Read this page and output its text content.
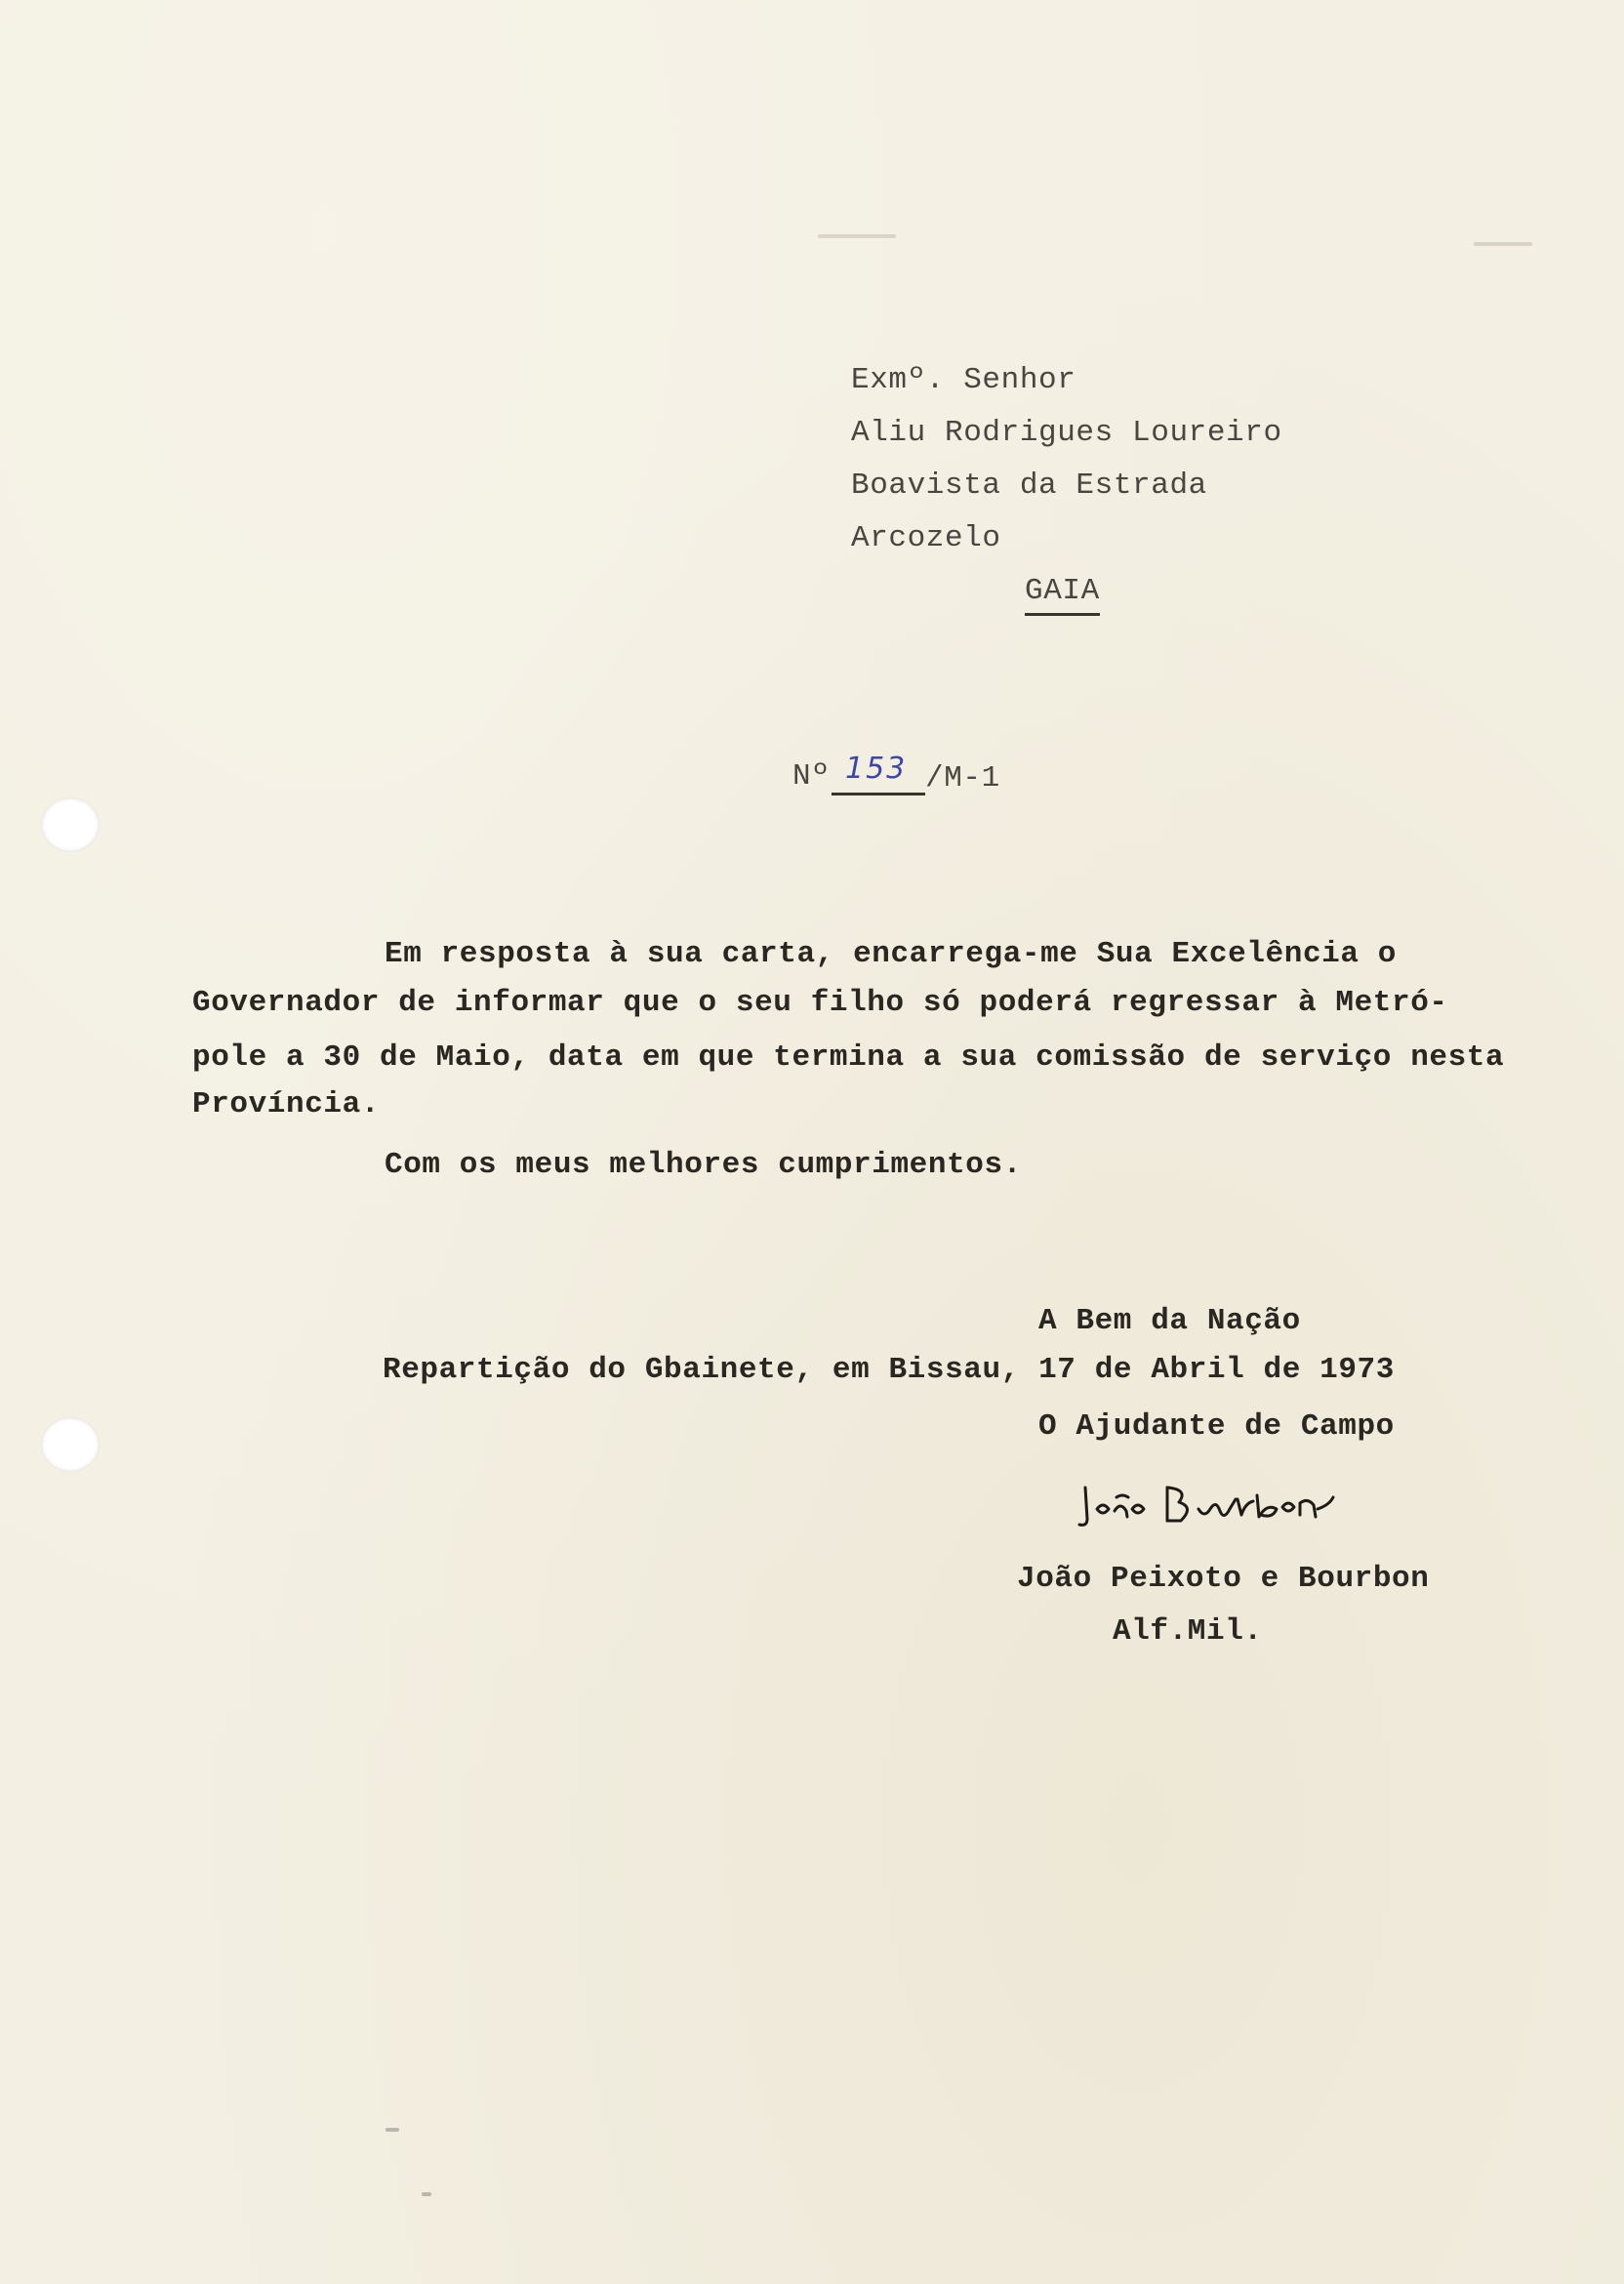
Exmº. Senhor
Aliu Rodrigues Loureiro
Boavista da Estrada
Arcozelo
GAIA
Nº 153 /M-1
Em resposta à sua carta, encarrega-me Sua Excelência o
Governador de informar que o seu filho só poderá regressar à Metró-
pole a 30 de Maio, data em que termina a sua comissão de serviço nesta
Província.
Com os meus melhores cumprimentos.
A Bem da Nação
Repartição do Gbainete, em Bissau, 17 de Abril de 1973
O Ajudante de Campo
João Peixoto e Bourbon
Alf.Mil.
